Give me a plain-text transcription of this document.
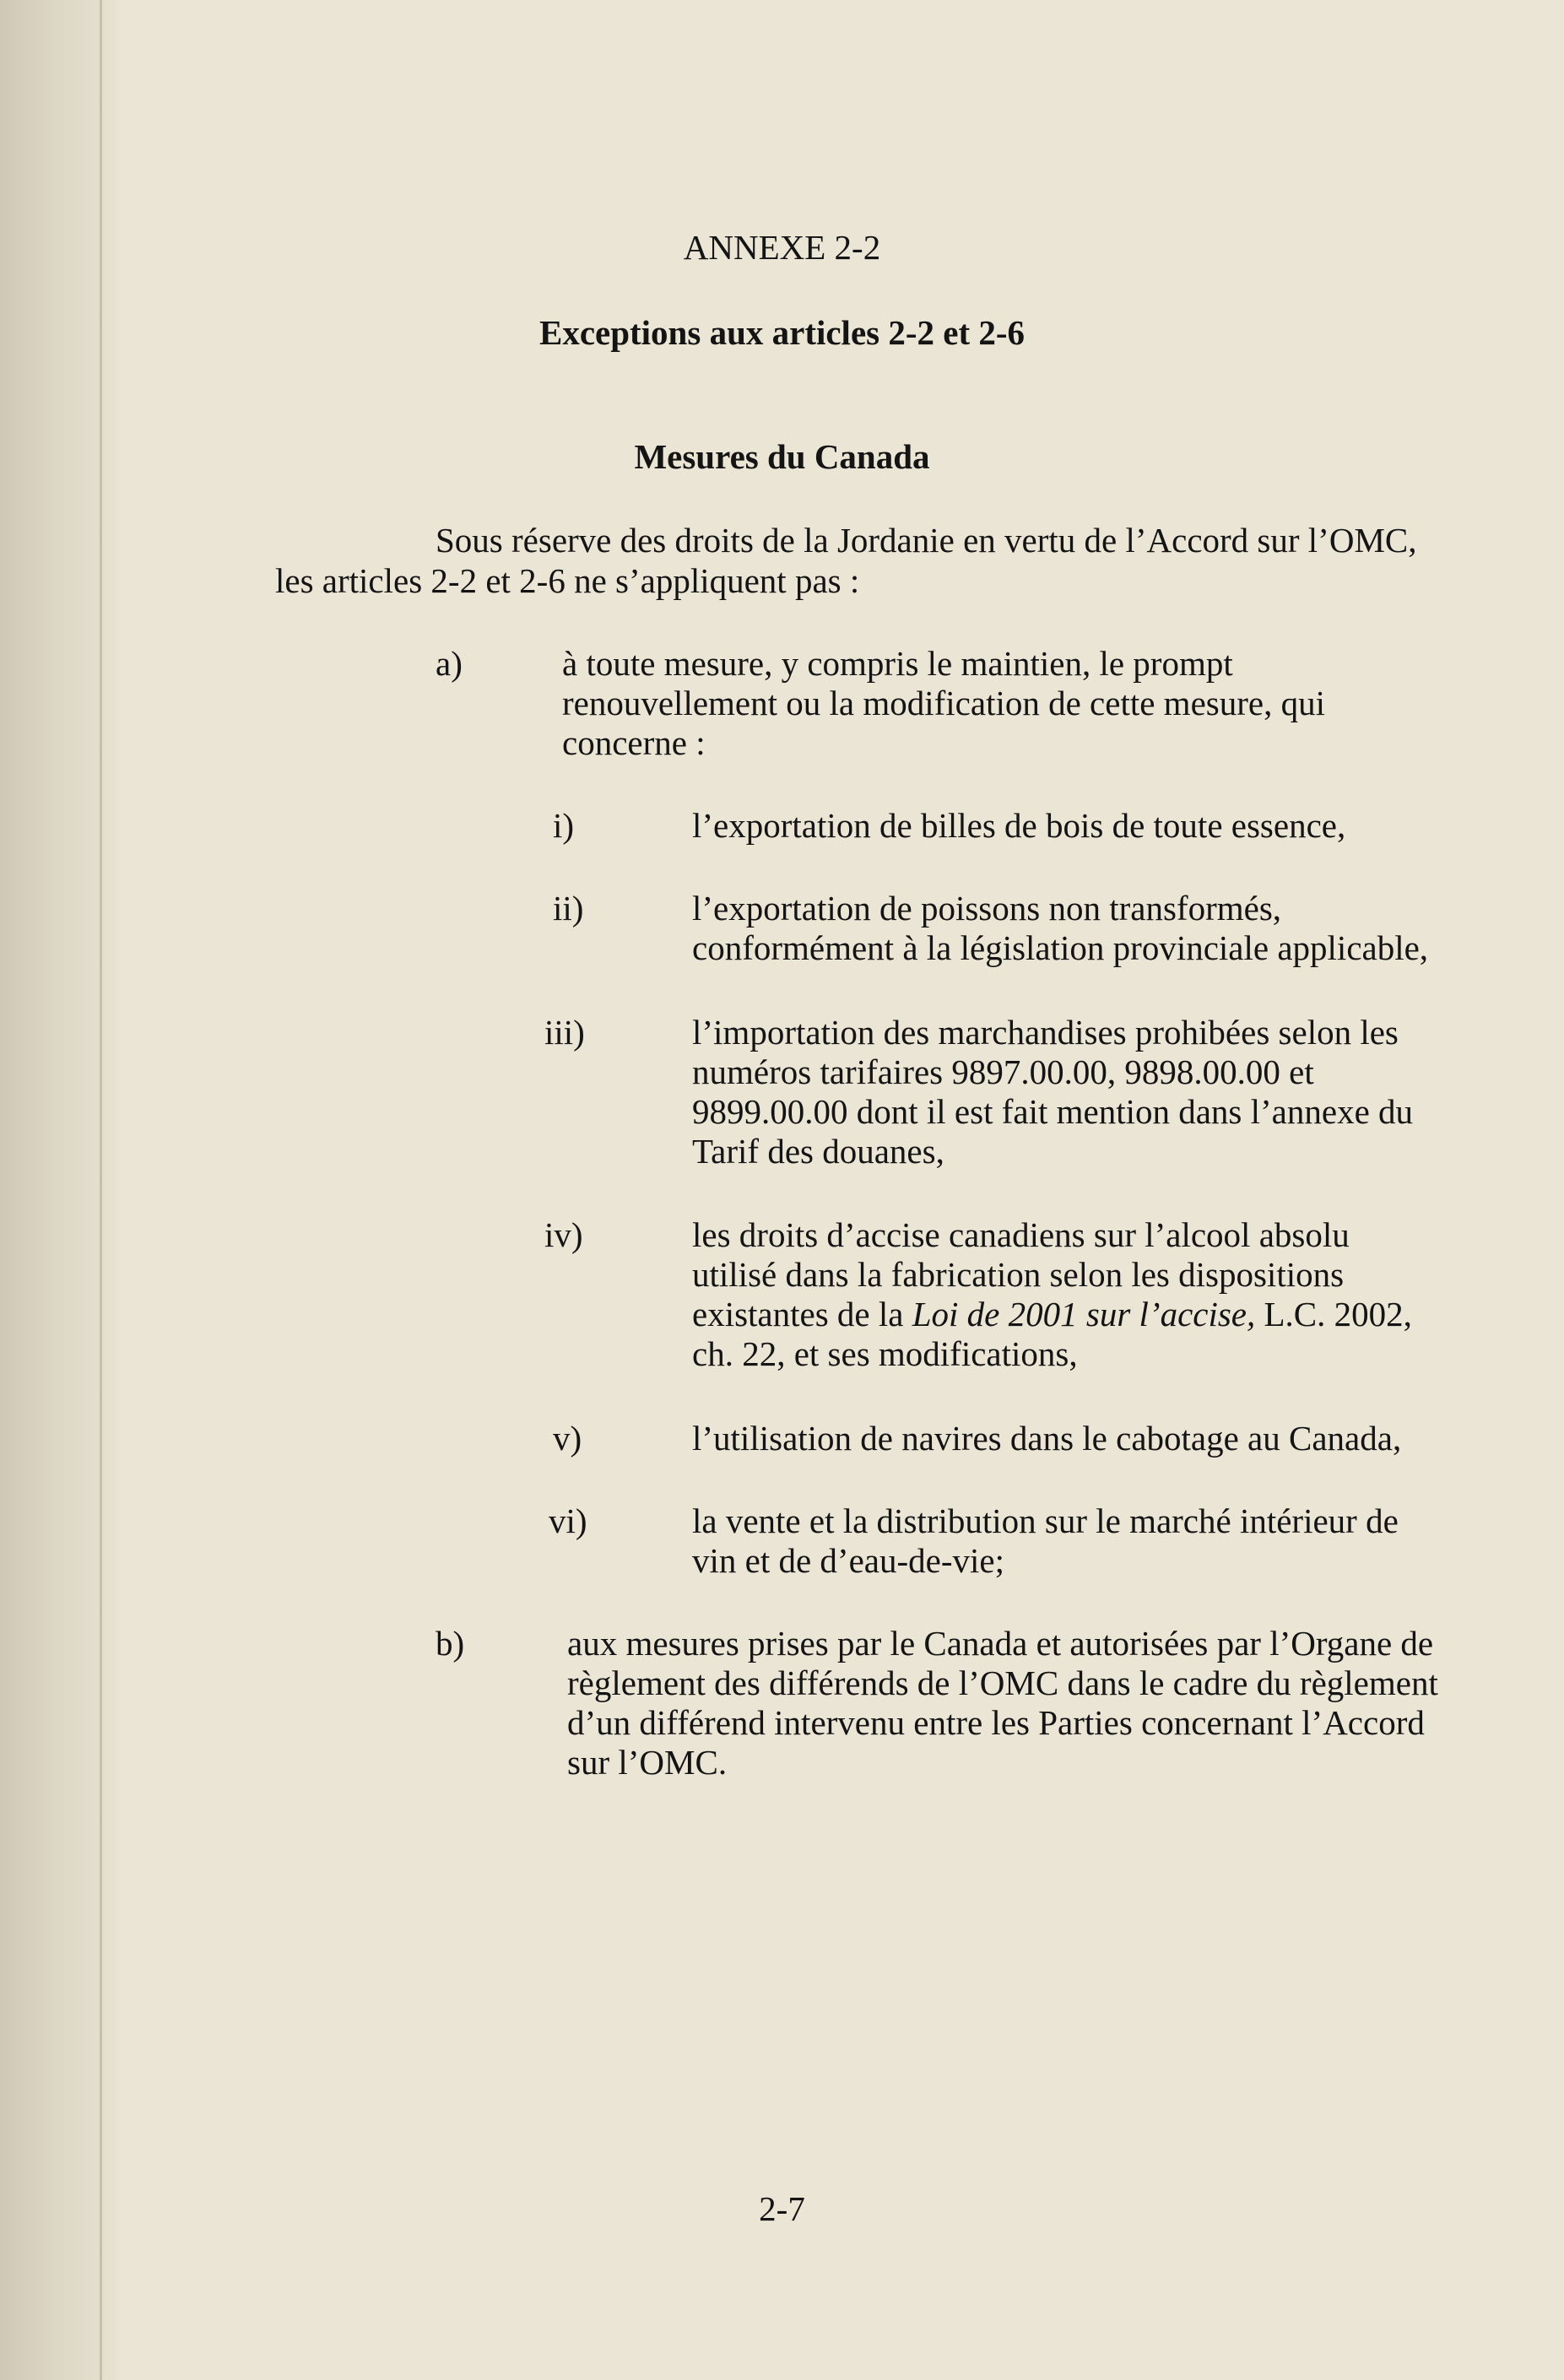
ANNEXE 2-2

Exceptions aux articles 2-2 et 2-6

Mesures du Canada

Sous réserve des droits de la Jordanie en vertu de l’Accord sur l’OMC,

les articles 2-2 et 2-6 ne s’appliquent pas :

a)	à toute mesure, y compris le maintien, le prompt

renouvellement ou la modification de cette mesure, qui

concerne :

i)	l’exportation de billes de bois de toute essence,

ii)	l’exportation de poissons non transformés,

conformément à la législation provinciale applicable,

iii)	l’importation des marchandises prohibées selon les

numéros tarifaires 9897.00.00, 9898.00.00 et

9899.00.00 dont il est fait mention dans l’annexe du

Tarif des douanes,

iv)	les droits d’accise canadiens sur l’alcool absolu

utilisé dans la fabrication selon les dispositions

existantes de la Loi de 2001 sur l’accise, L.C. 2002,

ch. 22, et ses modifications,

v)	l’utilisation de navires dans le cabotage au Canada,

vi)	la vente et la distribution sur le marché intérieur de

vin et de d’eau-de-vie;

b)	aux mesures prises par le Canada et autorisées par l’Organe de

règlement des différends de l’OMC dans le cadre du règlement

d’un différend intervenu entre les Parties concernant l’Accord

sur l’OMC.

2-7
